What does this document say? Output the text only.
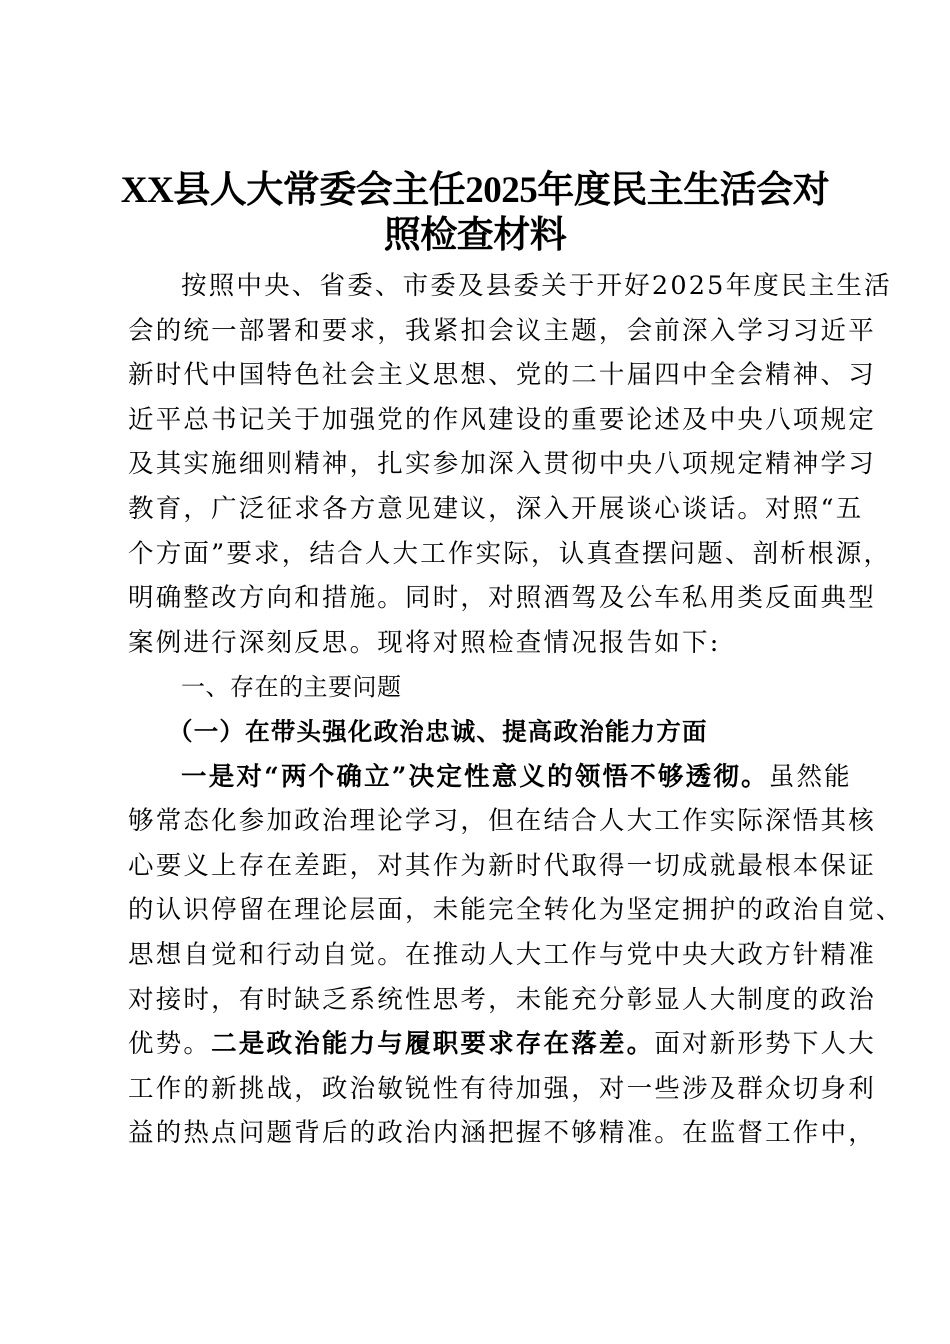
XX县人大常委会主任2025年度民主生活会对
照检查材料
按照中央、省委、市委及县委关于开好2025年度民主生活
会的统一部署和要求，我紧扣会议主题，会前深入学习习近平
新时代中国特色社会主义思想、党的二十届四中全会精神、习
近平总书记关于加强党的作风建设的重要论述及中央八项规定
及其实施细则精神，扎实参加深入贯彻中央八项规定精神学习
教育，广泛征求各方意见建议，深入开展谈心谈话。对照“五
个方面”要求，结合人大工作实际，认真查摆问题、剖析根源，
明确整改方向和措施。同时，对照酒驾及公车私用类反面典型
案例进行深刻反思。现将对照检查情况报告如下:
一、存在的主要问题
（一）在带头强化政治忠诚、提高政治能力方面
一是对“两个确立”决定性意义的领悟不够透彻。虽然能
够常态化参加政治理论学习，但在结合人大工作实际深悟其核
心要义上存在差距，对其作为新时代取得一切成就最根本保证
的认识停留在理论层面，未能完全转化为坚定拥护的政治自觉、
思想自觉和行动自觉。在推动人大工作与党中央大政方针精准
对接时，有时缺乏系统性思考，未能充分彰显人大制度的政治
优势。二是政治能力与履职要求存在落差。面对新形势下人大
工作的新挑战，政治敏锐性有待加强，对一些涉及群众切身利
益的热点问题背后的政治内涵把握不够精准。在监督工作中，
